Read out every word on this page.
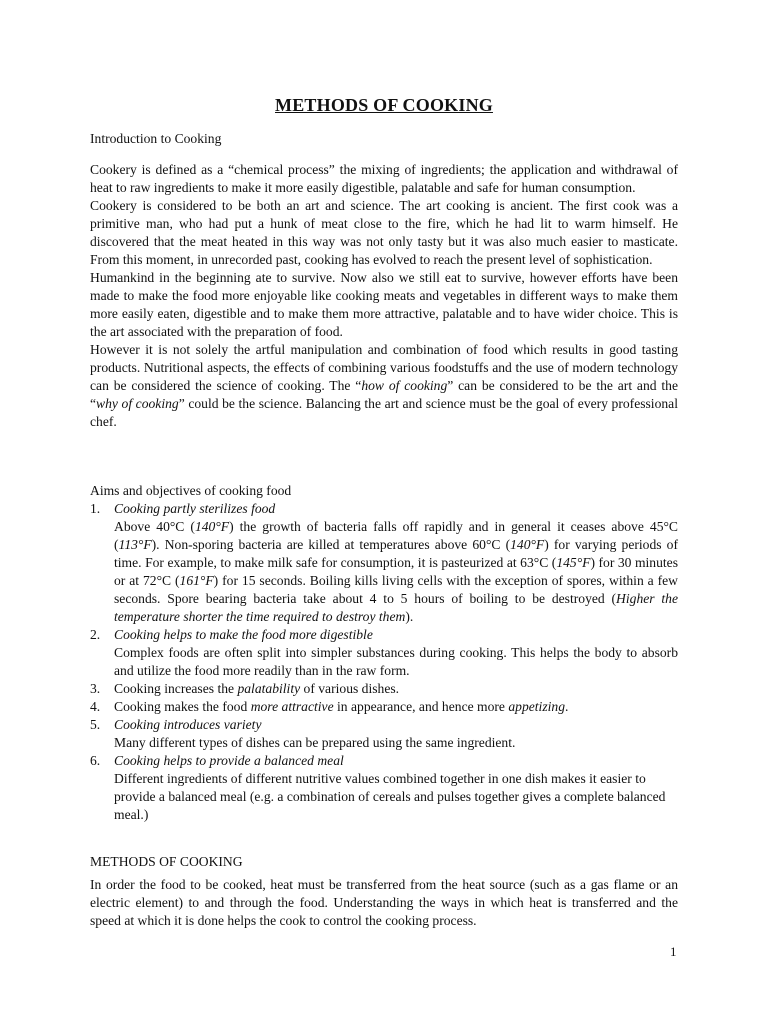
METHODS OF COOKING
Introduction to Cooking

Cookery is defined as a “chemical process” the mixing of ingredients; the application and withdrawal of heat to raw ingredients to make it more easily digestible, palatable and safe for human consumption.

Cookery is considered to be both an art and science. The art cooking is ancient. The first cook was a primitive man, who had put a hunk of meat close to the fire, which he had lit to warm himself. He discovered that the meat heated in this way was not only tasty but it was also much easier to masticate. From this moment, in unrecorded past, cooking has evolved to reach the present level of sophistication.

Humankind in the beginning ate to survive. Now also we still eat to survive, however efforts have been made to make the food more enjoyable like cooking meats and vegetables in different ways to make them more easily eaten, digestible and to make them more attractive, palatable and to have wider choice. This is the art associated with the preparation of food.

However it is not solely the artful manipulation and combination of food which results in good tasting products. Nutritional aspects, the effects of combining various foodstuffs and the use of modern technology can be considered the science of cooking. The “how of cooking” can be considered to be the art and the “why of cooking” could be the science. Balancing the art and science must be the goal of every professional chef.

Aims and objectives of cooking food
1. Cooking partly sterilizes food
Above 40°C (140°F) the growth of bacteria falls off rapidly and in general it ceases above 45°C (113°F). Non-sporing bacteria are killed at temperatures above 60°C (140°F) for varying periods of time. For example, to make milk safe for consumption, it is pasteurized at 63°C (145°F) for 30 minutes or at 72°C (161°F) for 15 seconds. Boiling kills living cells with the exception of spores, within a few seconds. Spore bearing bacteria take about 4 to 5 hours of boiling to be destroyed (Higher the temperature shorter the time required to destroy them).
2. Cooking helps to make the food more digestible
Complex foods are often split into simpler substances during cooking. This helps the body to absorb and utilize the food more readily than in the raw form.
3. Cooking increases the palatability of various dishes.
4. Cooking makes the food more attractive in appearance, and hence more appetizing.
5. Cooking introduces variety
Many different types of dishes can be prepared using the same ingredient.
6. Cooking helps to provide a balanced meal

Different ingredients of different nutritive values combined together in one dish makes it easier to provide a balanced meal (e.g. a combination of cereals and pulses together gives a complete balanced meal.)
METHODS OF COOKING

In order the food to be cooked, heat must be transferred from the heat source (such as a gas flame or an electric element) to and through the food. Understanding the ways in which heat is transferred and the speed at which it is done helps the cook to control the cooking process.

1
